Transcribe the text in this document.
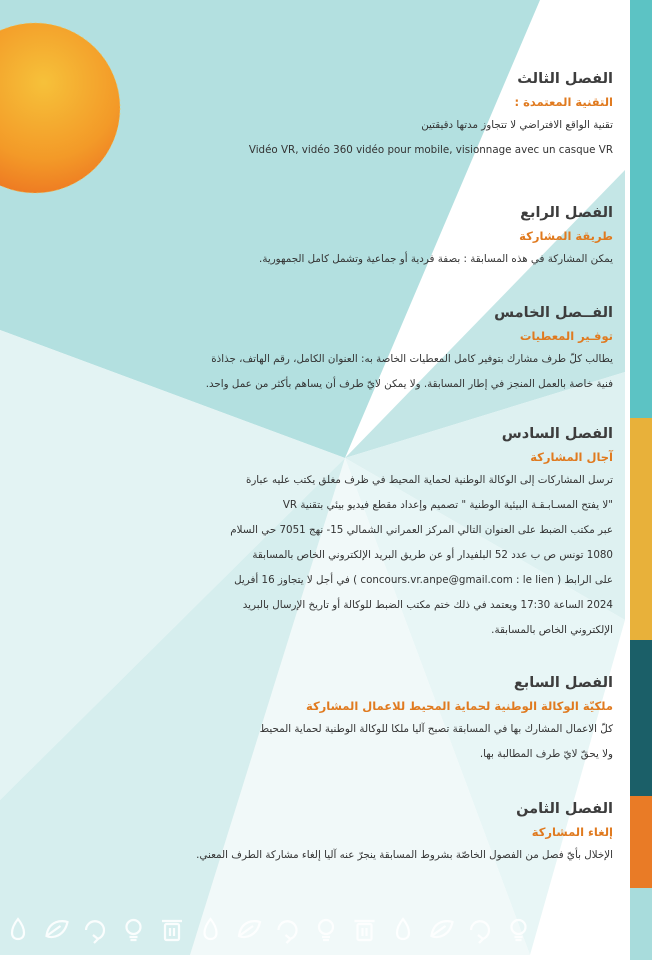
الفصل الثالث
التقنية المعتمدة :
تقنية الواقع الافتراضي لا تتجاوز مدتها دقيقتين
Vidéo VR, vidéo 360 vidéo pour mobile, visionnage avec un casque VR
الفصل الرابع
طريقة المشاركة
يمكن المشاركة في هذه المسابقة : بصفة فردية أو جماعية وتشمل كامل الجمهورية.
الفــصل الخامس
توفـير المعطيات
يطالب كلّ طرف مشارك بتوفير كامل المعطيات الخاصة به: العنوان الكامل، رقم الهاتف، جذاذة
فنية خاصة بالعمل المنجز في إطار المسابقة. ولا يمكن لايّ طرف أن يساهم بأكثر من عمل واحد.
الفصل السادس
آجال المشاركة
ترسل المشاركات إلى الوكالة الوطنية لحماية المحيط في ظرف مغلق يكتب عليه عبارة
"لا يفتح المسـابـقـة البيئية الوطنية " تصميم وإعداد مقطع فيديو بيئي بتقنية VR
عبر مكتب الضبط على العنوان التالي المركز العمراني الشمالي 15- نهج 7051 حي السلام
1080 تونس ص ب عدد 52 البلفيدار أو عن طريق البريد الإلكتروني الخاص بالمسابقة
على الرابط ( concours.vr.anpe@gmail.com : le lien ) في أجل لا يتجاوز 16 أفريل
2024 الساعة 17:30 ويعتمد في ذلك ختم مكتب الضبط للوكالة أو تاريخ الإرسال بالبريد
الإلكتروني الخاص بالمسابقة.
الفصل السابع
ملكيّة الوكالة الوطنية لحماية المحيط للاعمال المشاركة
كلّ الاعمال المشارك بها في المسابقة تصبح آليا ملكا للوكالة الوطنية لحماية المحيط
ولا يحقّ لايّ طرف المطالبة بها.
الفصل الثامن
إلغاء المشاركة
الإخلال بأيّ فصل من الفصول الخاصّة بشروط المسابقة ينجرّ عنه آليا إلغاء مشاركة الطرف المعني.
